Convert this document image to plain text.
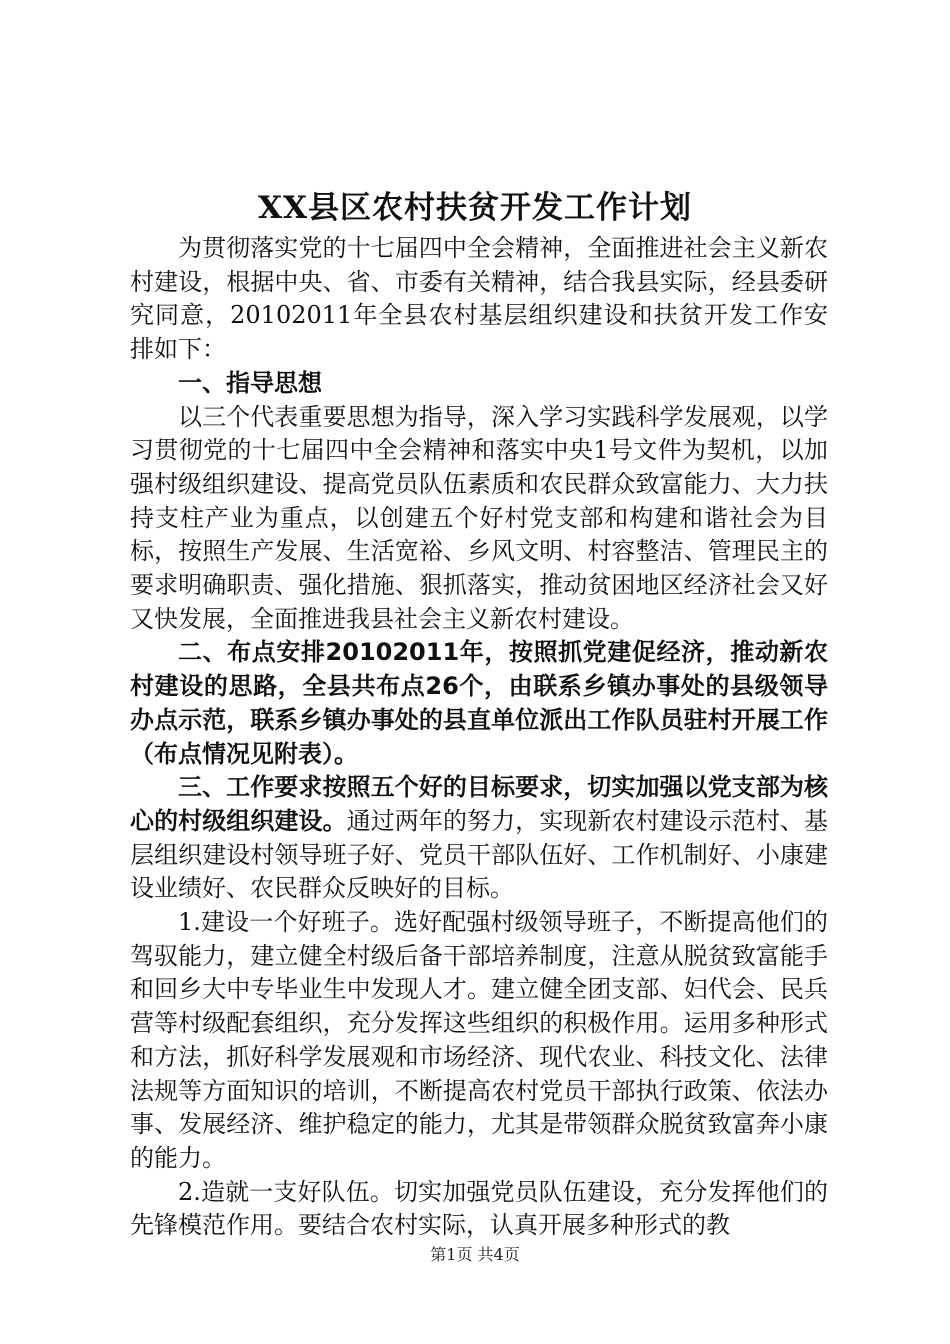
XX县区农村扶贫开发工作计划

为贯彻落实党的十七届四中全会精神，全面推进社会主义新农村建设，根据中央、省、市委有关精神，结合我县实际，经县委研究同意，20102011年全县农村基层组织建设和扶贫开发工作安排如下：

一、指导思想

以三个代表重要思想为指导，深入学习实践科学发展观，以学习贯彻党的十七届四中全会精神和落实中央1号文件为契机，以加强村级组织建设、提高党员队伍素质和农民群众致富能力、大力扶持支柱产业为重点，以创建五个好村党支部和构建和谐社会为目标，按照生产发展、生活宽裕、乡风文明、村容整洁、管理民主的要求明确职责、强化措施、狠抓落实，推动贫困地区经济社会又好又快发展，全面推进我县社会主义新农村建设。

二、布点安排20102011年，按照抓党建促经济，推动新农村建设的思路，全县共布点26个，由联系乡镇办事处的县级领导办点示范，联系乡镇办事处的县直单位派出工作队员驻村开展工作（布点情况见附表）。

三、工作要求按照五个好的目标要求，切实加强以党支部为核心的村级组织建设。通过两年的努力，实现新农村建设示范村、基层组织建设村领导班子好、党员干部队伍好、工作机制好、小康建设业绩好、农民群众反映好的目标。

1.建设一个好班子。选好配强村级领导班子，不断提高他们的驾驭能力，建立健全村级后备干部培养制度，注意从脱贫致富能手和回乡大中专毕业生中发现人才。建立健全团支部、妇代会、民兵营等村级配套组织，充分发挥这些组织的积极作用。运用多种形式和方法，抓好科学发展观和市场经济、现代农业、科技文化、法律法规等方面知识的培训，不断提高农村党员干部执行政策、依法办事、发展经济、维护稳定的能力，尤其是带领群众脱贫致富奔小康的能力。

2.造就一支好队伍。切实加强党员队伍建设，充分发挥他们的先锋模范作用。要结合农村实际，认真开展多种形式的教

第1页 共4页
